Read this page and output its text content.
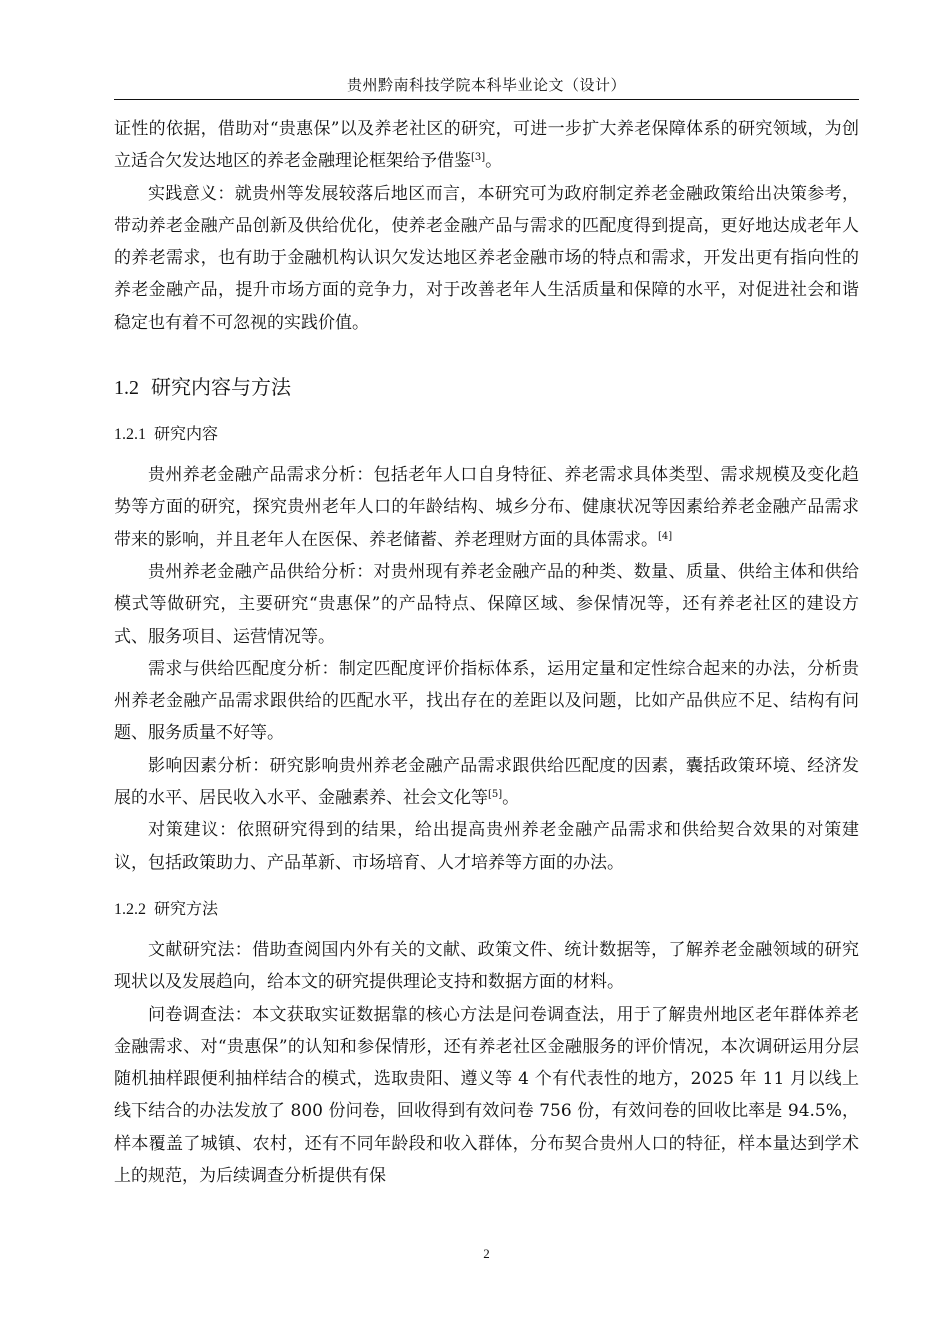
贵州黔南科技学院本科毕业论文（设计）

证性的依据，借助对“贵惠保”以及养老社区的研究，可进一步扩大养老保障体系的研究领域，为创立适合欠发达地区的养老金融理论框架给予借鉴[3]。

实践意义：就贵州等发展较落后地区而言，本研究可为政府制定养老金融政策给出决策参考，带动养老金融产品创新及供给优化，使养老金融产品与需求的匹配度得到提高，更好地达成老年人的养老需求，也有助于金融机构认识欠发达地区养老金融市场的特点和需求，开发出更有指向性的养老金融产品，提升市场方面的竞争力，对于改善老年人生活质量和保障的水平，对促进社会和谐稳定也有着不可忽视的实践价值。

1.2 研究内容与方法
1.2.1 研究内容

贵州养老金融产品需求分析：包括老年人口自身特征、养老需求具体类型、需求规模及变化趋势等方面的研究，探究贵州老年人口的年龄结构、城乡分布、健康状况等因素给养老金融产品需求带来的影响，并且老年人在医保、养老储蓄、养老理财方面的具体需求。[4]

贵州养老金融产品供给分析：对贵州现有养老金融产品的种类、数量、质量、供给主体和供给模式等做研究，主要研究“贵惠保”的产品特点、保障区域、参保情况等，还有养老社区的建设方式、服务项目、运营情况等。

需求与供给匹配度分析：制定匹配度评价指标体系，运用定量和定性综合起来的办法，分析贵州养老金融产品需求跟供给的匹配水平，找出存在的差距以及问题，比如产品供应不足、结构有问题、服务质量不好等。

影响因素分析：研究影响贵州养老金融产品需求跟供给匹配度的因素，囊括政策环境、经济发展的水平、居民收入水平、金融素养、社会文化等[5]。

对策建议：依照研究得到的结果，给出提高贵州养老金融产品需求和供给契合效果的对策建议，包括政策助力、产品革新、市场培育、人才培养等方面的办法。

1.2.2 研究方法

文献研究法：借助查阅国内外有关的文献、政策文件、统计数据等，了解养老金融领域的研究现状以及发展趋向，给本文的研究提供理论支持和数据方面的材料。

问卷调查法：本文获取实证数据靠的核心方法是问卷调查法，用于了解贵州地区老年群体养老金融需求、对“贵惠保”的认知和参保情形，还有养老社区金融服务的评价情况，本次调研运用分层随机抽样跟便利抽样结合的模式，选取贵阳、遵义等 4 个有代表性的地方，2025 年 11 月以线上线下结合的办法发放了 800 份问卷，回收得到有效问卷 756 份，有效问卷的回收比率是 94.5%，样本覆盖了城镇、农村，还有不同年龄段和收入群体，分布契合贵州人口的特征，样本量达到学术上的规范，为后续调查分析提供有保

2
